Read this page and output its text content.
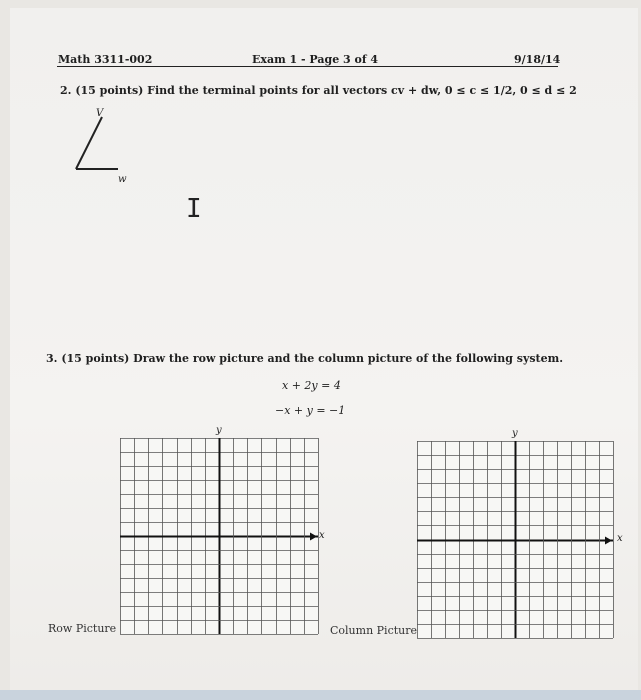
Math 3311-002	Exam 1 - Page 3 of 4	9/18/14
2. (15 points) Find the terminal points for all vectors cv + dw, 0 ≤ c ≤ 1/2, 0 ≤ d ≤ 2
V
w
I
3. (15 points) Draw the row picture and the column picture of the following system.
x + 2y = 4
−x + y = −1
y
x
Row Picture
y
x
Column Picture
